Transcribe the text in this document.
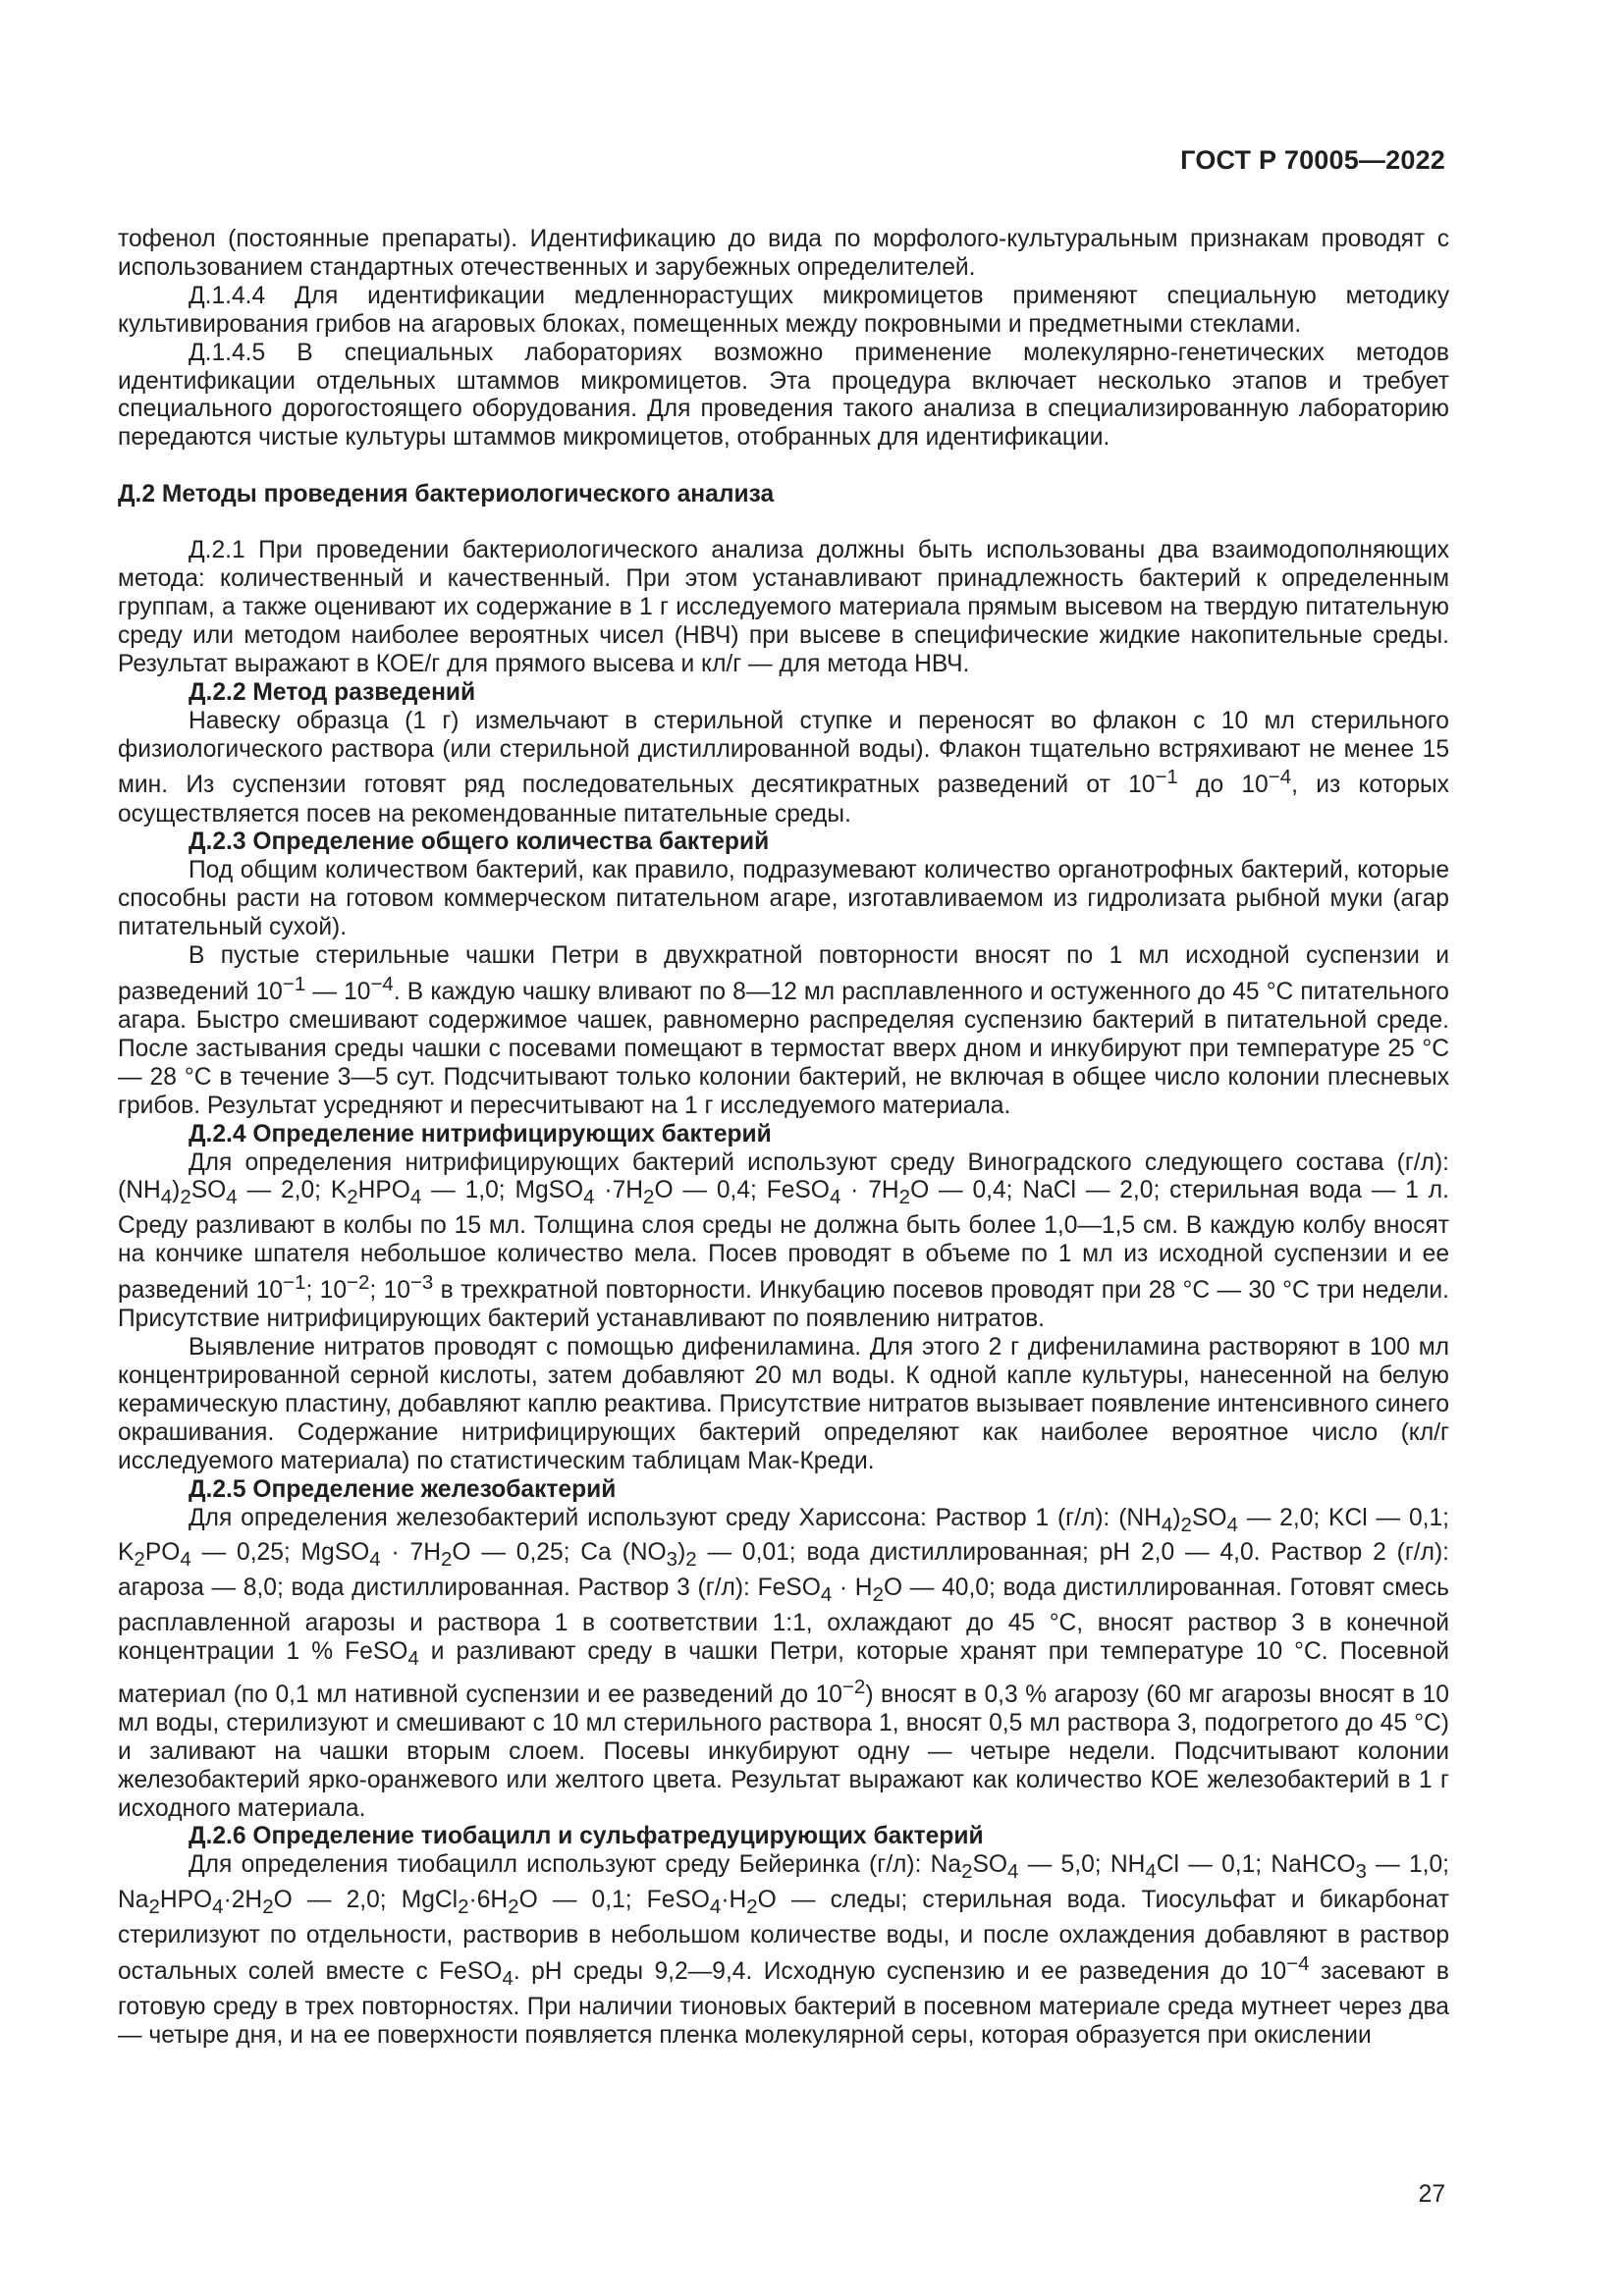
ГОСТ Р 70005—2022

тофенол (постоянные препараты). Идентификацию до вида по морфолого-культуральным признакам проводят с использованием стандартных отечественных и зарубежных определителей.

Д.1.4.4 Для идентификации медленнорастущих микромицетов применяют специальную методику культивирования грибов на агаровых блоках, помещенных между покровными и предметными стеклами.

Д.1.4.5 В специальных лабораториях возможно применение молекулярно-генетических методов идентификации отдельных штаммов микромицетов. Эта процедура включает несколько этапов и требует специального дорогостоящего оборудования. Для проведения такого анализа в специализированную лабораторию передаются чистые культуры штаммов микромицетов, отобранных для идентификации.

Д.2 Методы проведения бактериологического анализа

Д.2.1 При проведении бактериологического анализа должны быть использованы два взаимодополняющих метода: количественный и качественный. При этом устанавливают принадлежность бактерий к определенным группам, а также оценивают их содержание в 1 г исследуемого материала прямым высевом на твердую питательную среду или методом наиболее вероятных чисел (НВЧ) при высеве в специфические жидкие накопительные среды. Результат выражают в КОЕ/г для прямого высева и кл/г — для метода НВЧ.

Д.2.2 Метод разведений

Навеску образца (1 г) измельчают в стерильной ступке и переносят во флакон с 10 мл стерильного физиологического раствора (или стерильной дистиллированной воды). Флакон тщательно встряхивают не менее 15 мин. Из суспензии готовят ряд последовательных десятикратных разведений от $10^{-1}$ до $10^{-4}$, из которых осуществляется посев на рекомендованные питательные среды.

Д.2.3 Определение общего количества бактерий

Под общим количеством бактерий, как правило, подразумевают количество органотрофных бактерий, которые способны расти на готовом коммерческом питательном агаре, изготавливаемом из гидролизата рыбной муки (агар питательный сухой).

В пустые стерильные чашки Петри в двухкратной повторности вносят по 1 мл исходной суспензии и разведений $10^{-1}$ — $10^{-4}$. В каждую чашку вливают по 8—12 мл расплавленного и остуженного до 45 °С питательного агара. Быстро смешивают содержимое чашек, равномерно распределяя суспензию бактерий в питательной среде. После застывания среды чашки с посевами помещают в термостат вверх дном и инкубируют при температуре 25 °С — 28 °С в течение 3—5 сут. Подсчитывают только колонии бактерий, не включая в общее число колонии плесневых грибов. Результат усредняют и пересчитывают на 1 г исследуемого материала.

Д.2.4 Определение нитрифицирующих бактерий

Для определения нитрифицирующих бактерий используют среду Виноградского следующего состава (г/л): $(NH_4)_2SO_4$ — 2,0; $K_2HPO_4$ — 1,0; MgSO$_4$ $\cdot 7H_2O$ — 0,4; FeSO$_4$ · $7H_2O$ — 0,4; NaCl — 2,0; стерильная вода — 1 л. Среду разливают в колбы по 15 мл. Толщина слоя среды не должна быть более 1,0—1,5 см. В каждую колбу вносят на кончике шпателя небольшое количество мела. Посев проводят в объеме по 1 мл из исходной суспензии и ее разведений $10^{-1}$; $10^{-2}$; $10^{-3}$ в трехкратной повторности. Инкубацию посевов проводят при 28 °С — 30 °С три недели. Присутствие нитрифицирующих бактерий устанавливают по появлению нитратов.

Выявление нитратов проводят с помощью дифениламина. Для этого 2 г дифениламина растворяют в 100 мл концентрированной серной кислоты, затем добавляют 20 мл воды. К одной капле культуры, нанесенной на белую керамическую пластину, добавляют каплю реактива. Присутствие нитратов вызывает появление интенсивного синего окрашивания. Содержание нитрифицирующих бактерий определяют как наиболее вероятное число (кл/г исследуемого материала) по статистическим таблицам Мак-Креди.

Д.2.5 Определение железобактерий

Для определения железобактерий используют среду Хариссона: Раствор 1 (г/л): $(NH_4)_2SO_4$ — 2,0; KCl — 0,1; $K_2PO_4$ — 0,25; MgSO$_4$ · $7H_2O$ — 0,25; Ca $(NO_3)_2$ — 0,01; вода дистиллированная; pH 2,0 — 4,0. Раствор 2 (г/л): агароза — 8,0; вода дистиллированная. Раствор 3 (г/л): FeSO$_4$ · $H_2O$ — 40,0; вода дистиллированная. Готовят смесь расплавленной агарозы и раствора 1 в соответствии 1:1, охлаждают до 45 °С, вносят раствор 3 в конечной концентрации 1 % FeSO$_4$ и разливают среду в чашки Петри, которые хранят при температуре 10 °С. Посевной материал (по 0,1 мл нативной суспензии и ее разведений до $10^{-2}$) вносят в 0,3 % агарозу (60 мг агарозы вносят в 10 мл воды, стерилизуют и смешивают с 10 мл стерильного раствора 1, вносят 0,5 мл раствора 3, подогретого до 45 °С) и заливают на чашки вторым слоем. Посевы инкубируют одну — четыре недели. Подсчитывают колонии железобактерий ярко-оранжевого или желтого цвета. Результат выражают как количество КОЕ железобактерий в 1 г исходного материала.

Д.2.6 Определение тиобацилл и сульфатредуцирующих бактерий

Для определения тиобацилл используют среду Бейеринка (г/л): $Na_2SO_4$ — 5,0; $NH_4Cl$ — 0,1; NaHCO$_3$ — 1,0; $Na_2HPO_4\cdot 2H_2O$ — 2,0; $MgCl_2\cdot 6H_2O$ — 0,1; $FeSO_4\cdot H_2O$ — следы; стерильная вода. Тиосульфат и бикарбонат стерилизуют по отдельности, растворив в небольшом количестве воды, и после охлаждения добавляют в раствор остальных солей вместе с FeSO$_4$. pH среды 9,2—9,4. Исходную суспензию и ее разведения до $10^{-4}$ засевают в готовую среду в трех повторностях. При наличии тионовых бактерий в посевном материале среда мутнеет через два — четыре дня, и на ее поверхности появляется пленка молекулярной серы, которая образуется при окислении

27
